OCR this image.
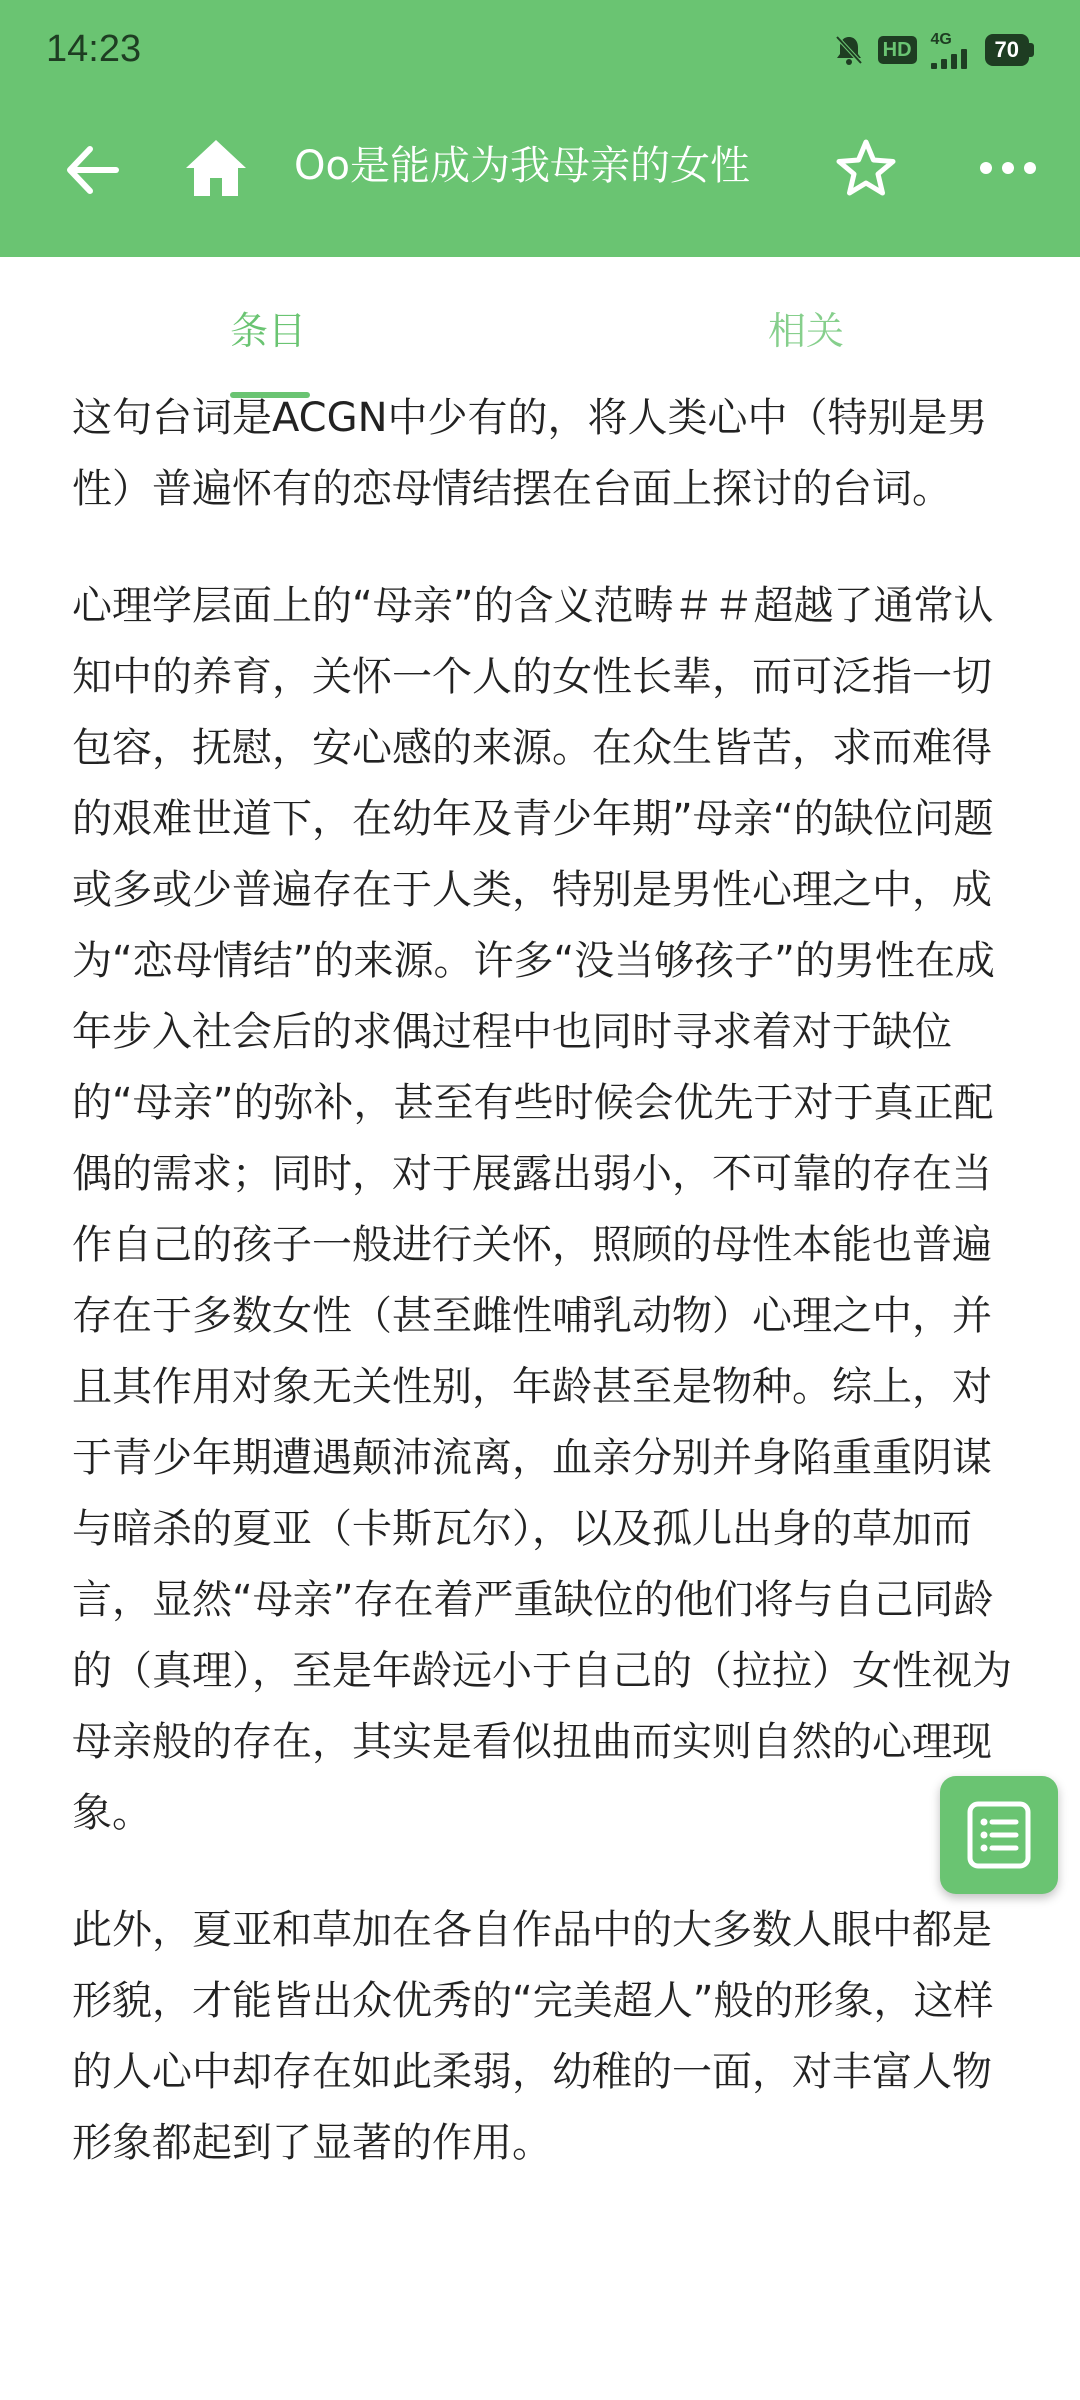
14:23	HD	4G	70
Oo是能成为我母亲的女性
条目	相关

这句台词是ACGN中少有的，将人类心中（特别是男性）普遍怀有的恋母情结摆在台面上探讨的台词。

心理学层面上的“母亲”的含义范畴＃＃超越了通常认知中的养育，关怀一个人的女性长辈，而可泛指一切包容，抚慰，安心感的来源。在众生皆苦，求而难得的艰难世道下，在幼年及青少年期”母亲“的缺位问题或多或少普遍存在于人类，特别是男性心理之中，成为“恋母情结”的来源。许多“没当够孩子”的男性在成年步入社会后的求偶过程中也同时寻求着对于缺位的“母亲”的弥补，甚至有些时候会优先于对于真正配偶的需求；同时，对于展露出弱小，不可靠的存在当作自己的孩子一般进行关怀，照顾的母性本能也普遍存在于多数女性（甚至雌性哺乳动物）心理之中，并且其作用对象无关性别，年龄甚至是物种。综上，对于青少年期遭遇颠沛流离，血亲分别并身陷重重阴谋与暗杀的夏亚（卡斯瓦尔），以及孤儿出身的草加而言，显然“母亲”存在着严重缺位的他们将与自己同龄的（真理），至是年龄远小于自己的（拉拉）女性视为母亲般的存在，其实是看似扭曲而实则自然的心理现象。

此外，夏亚和草加在各自作品中的大多数人眼中都是形貌，才能皆出众优秀的“完美超人”般的形象，这样的人心中却存在如此柔弱，幼稚的一面，对丰富人物形象都起到了显著的作用。
